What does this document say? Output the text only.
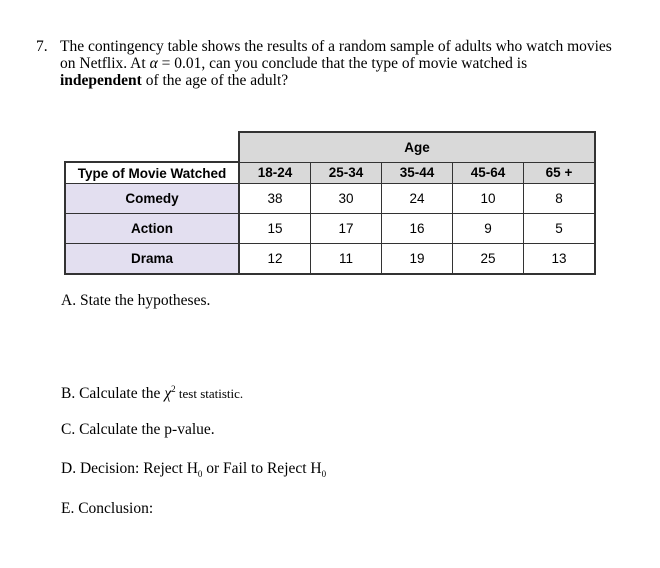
7. The contingency table shows the results of a random sample of adults who watch movies
on Netflix. At α = 0.01, can you conclude that the type of movie watched is
independent of the age of the adult?
	Age				
Type of Movie Watched	18-24	25-34	35-44	45-64	65 +
Comedy	38	30	24	10	8
Action	15	17	16	9	5
Drama	12	11	19	25	13
A. State the hypotheses.
B. Calculate the $\chi^2$ test statistic.
C. Calculate the p-value.
D. Decision: Reject $H_0$ or Fail to Reject $H_0$
E. Conclusion:
